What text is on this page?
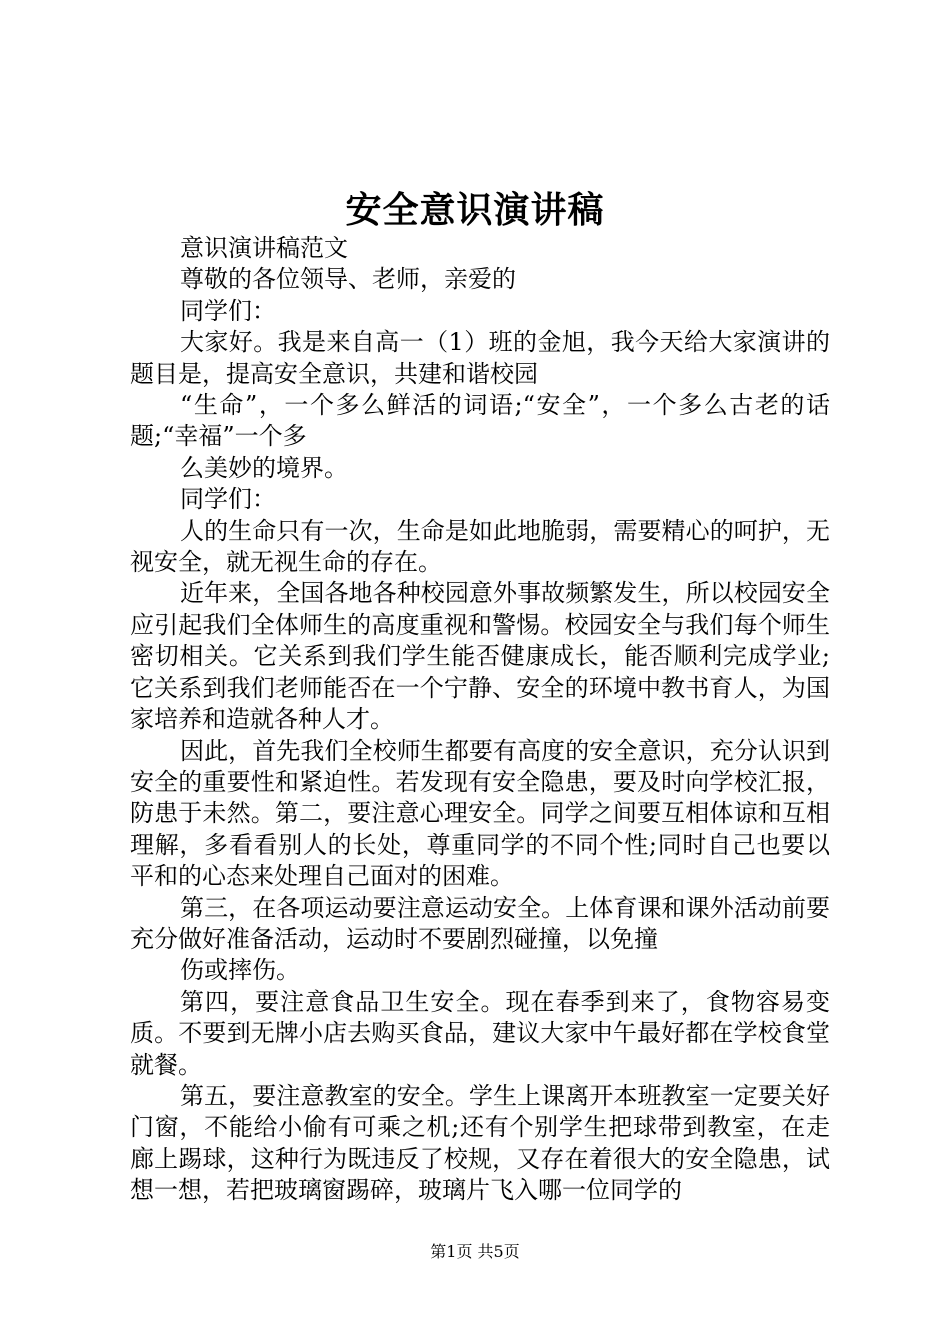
安全意识演讲稿

意识演讲稿范文

尊敬的各位领导、老师，亲爱的

同学们：

大家好。我是来自高一（1）班的金旭，我今天给大家演讲的题目是，提高安全意识，共建和谐校园

“生命”，一个多么鲜活的词语;“安全”，一个多么古老的话题;“幸福”一个多

么美妙的境界。

同学们：

人的生命只有一次，生命是如此地脆弱，需要精心的呵护，无视安全，就无视生命的存在。

近年来，全国各地各种校园意外事故频繁发生，所以校园安全应引起我们全体师生的高度重视和警惕。校园安全与我们每个师生密切相关。它关系到我们学生能否健康成长，能否顺利完成学业;它关系到我们老师能否在一个宁静、安全的环境中教书育人，为国家培养和造就各种人才。

因此，首先我们全校师生都要有高度的安全意识，充分认识到安全的重要性和紧迫性。若发现有安全隐患，要及时向学校汇报，防患于未然。第二，要注意心理安全。同学之间要互相体谅和互相理解，多看看别人的长处，尊重同学的不同个性;同时自己也要以平和的心态来处理自己面对的困难。

第三，在各项运动要注意运动安全。上体育课和课外活动前要充分做好准备活动，运动时不要剧烈碰撞，以免撞

伤或摔伤。

第四，要注意食品卫生安全。现在春季到来了，食物容易变质。不要到无牌小店去购买食品，建议大家中午最好都在学校食堂就餐。

第五，要注意教室的安全。学生上课离开本班教室一定要关好门窗，不能给小偷有可乘之机;还有个别学生把球带到教室，在走廊上踢球，这种行为既违反了校规，又存在着很大的安全隐患，试想一想，若把玻璃窗踢碎，玻璃片飞入哪一位同学的

第1页 共5页
